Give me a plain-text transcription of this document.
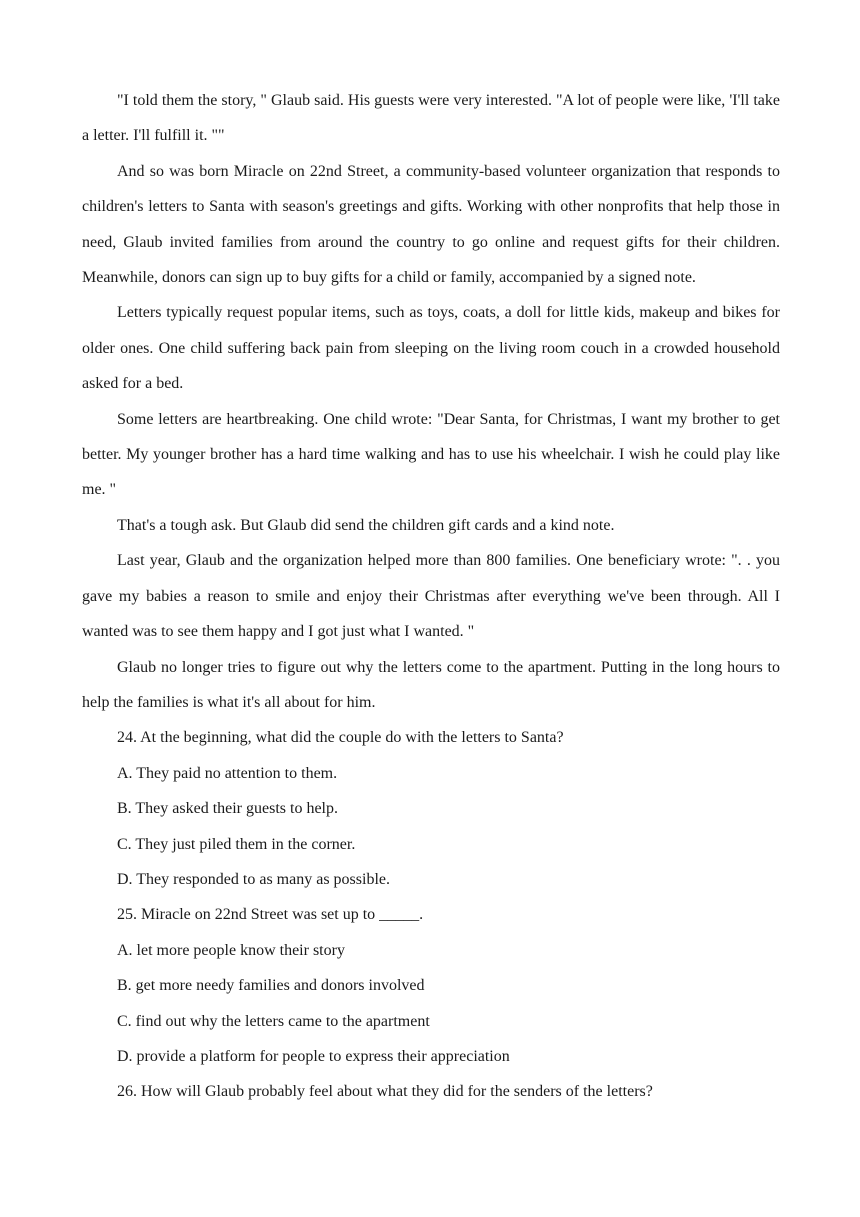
"I told them the story, " Glaub said. His guests were very interested. "A lot of people were like, 'I'll take a letter. I'll fulfill it. ""

And so was born Miracle on 22nd Street, a community-based volunteer organization that responds to children's letters to Santa with season's greetings and gifts. Working with other nonprofits that help those in need, Glaub invited families from around the country to go online and request gifts for their children. Meanwhile, donors can sign up to buy gifts for a child or family, accompanied by a signed note.

Letters typically request popular items, such as toys, coats, a doll for little kids, makeup and bikes for older ones. One child suffering back pain from sleeping on the living room couch in a crowded household asked for a bed.

Some letters are heartbreaking. One child wrote: "Dear Santa, for Christmas, I want my brother to get better. My younger brother has a hard time walking and has to use his wheelchair. I wish he could play like me. "

That's a tough ask. But Glaub did send the children gift cards and a kind note.

Last year, Glaub and the organization helped more than 800 families. One beneficiary wrote: ". . you gave my babies a reason to smile and enjoy their Christmas after everything we've been through. All I wanted was to see them happy and I got just what I wanted. "

Glaub no longer tries to figure out why the letters come to the apartment. Putting in the long hours to help the families is what it's all about for him.

24. At the beginning, what did the couple do with the letters to Santa?

A. They paid no attention to them.

B. They asked their guests to help.

C. They just piled them in the corner.

D. They responded to as many as possible.

25. Miracle on 22nd Street was set up to _____.

A. let more people know their story

B. get more needy families and donors involved

C. find out why the letters came to the apartment

D. provide a platform for people to express their appreciation

26. How will Glaub probably feel about what they did for the senders of the letters?
